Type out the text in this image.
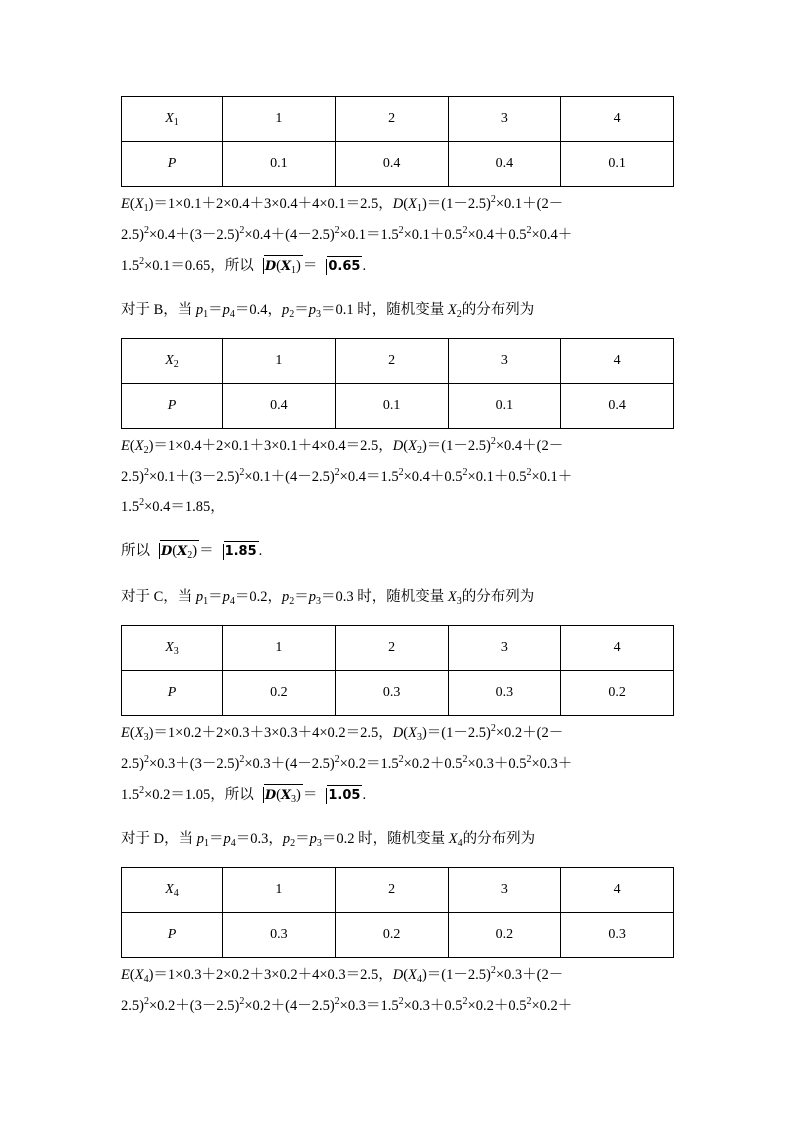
$X_1$	1	2	3	4
P	0.1	0.4	0.4	0.1
$E(X_1)=1\times 0.1+2\times 0.4+3\times 0.4+4\times 0.1=2.5$，$D(X_1)=(1-2.5)^2\times 0.1+(2-$
$2.5)^2\times 0.4+(3-2.5)^2\times 0.4+(4-2.5)^2\times 0.1=1.5^2\times 0.1+0.5^2\times 0.4+0.5^2\times 0.4+$
$1.5^2\times 0.1=0.65$，所以 $D(X_1) = 0.65$ .
对于 B，当 $p_1=p_4=0.4$，$p_2=p_3=0.1$ 时，随机变量 $X_2$的分布列为
$X_2$	1	2	3	4
P	0.4	0.1	0.1	0.4
$E(X_2)=1\times 0.4+2\times 0.1+3\times 0.1+4\times 0.4=2.5$，$D(X_2)=(1-2.5)^2\times 0.4+(2-$
$2.5)^2\times 0.1+(3-2.5)^2\times 0.1+(4-2.5)^2\times 0.4=1.5^2\times 0.4+0.5^2\times 0.1+0.5^2\times 0.1+$
$1.5^2\times 0.4=1.85$，
所以 $D(X_2) = 1.85$ .
对于 C，当 $p_1=p_4=0.2$，$p_2=p_3=0.3$ 时，随机变量 $X_3$的分布列为
$X_3$	1	2	3	4
P	0.2	0.3	0.3	0.2
$E(X_3)=1\times 0.2+2\times 0.3+3\times 0.3+4\times 0.2=2.5$，$D(X_3)=(1-2.5)^2\times 0.2+(2-$
$2.5)^2\times 0.3+(3-2.5)^2\times 0.3+(4-2.5)^2\times 0.2=1.5^2\times 0.2+0.5^2\times 0.3+0.5^2\times 0.3+$
$1.5^2\times 0.2=1.05$，所以 $D(X_3) = 1.05$ .
对于 D，当 $p_1=p_4=0.3$，$p_2=p_3=0.2$ 时，随机变量 $X_4$的分布列为
$X_4$	1	2	3	4
P	0.3	0.2	0.2	0.3
$E(X_4)=1\times 0.3+2\times 0.2+3\times 0.2+4\times 0.3=2.5$，$D(X_4)=(1-2.5)^2\times 0.3+(2-$
$2.5)^2\times 0.2+(3-2.5)^2\times 0.2+(4-2.5)^2\times 0.3=1.5^2\times 0.3+0.5^2\times 0.2+0.5^2\times 0.2+$
